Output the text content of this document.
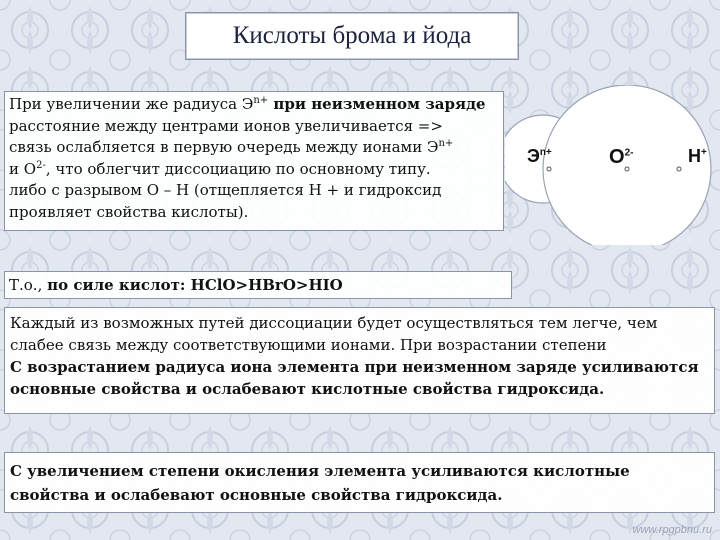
Кислоты брома и йода

При увеличении же радиуса $Э^{n+}$ при неизменном заряде

расстояние между центрами ионов увеличивается =>

связь ослабляется в первую очередь между ионами $Э^{n+}$

и $O^{2-}$, что облегчит диссоциацию по основному типу.

либо с разрывом О – Н (отщепляется Н + и гидроксид

проявляет свойства кислоты).

$Э^{n+}$	$O^{2-}$	H+
Т.о., по силе кислот: HClO>HBrO>HIO
Каждый из возможных путей диссоциации будет осуществляться тем легче, чем слабее связь между соответствующими ионами. При возрастании степени
С возрастанием радиуса иона элемента при неизменном заряде усиливаются основные свойства и ослабевают кислотные свойства гидроксида.
С увеличением степени окисления элемента усиливаются кислотные свойства и ослабевают основные свойства гидроксида.
www.rpgpbnu.ru
